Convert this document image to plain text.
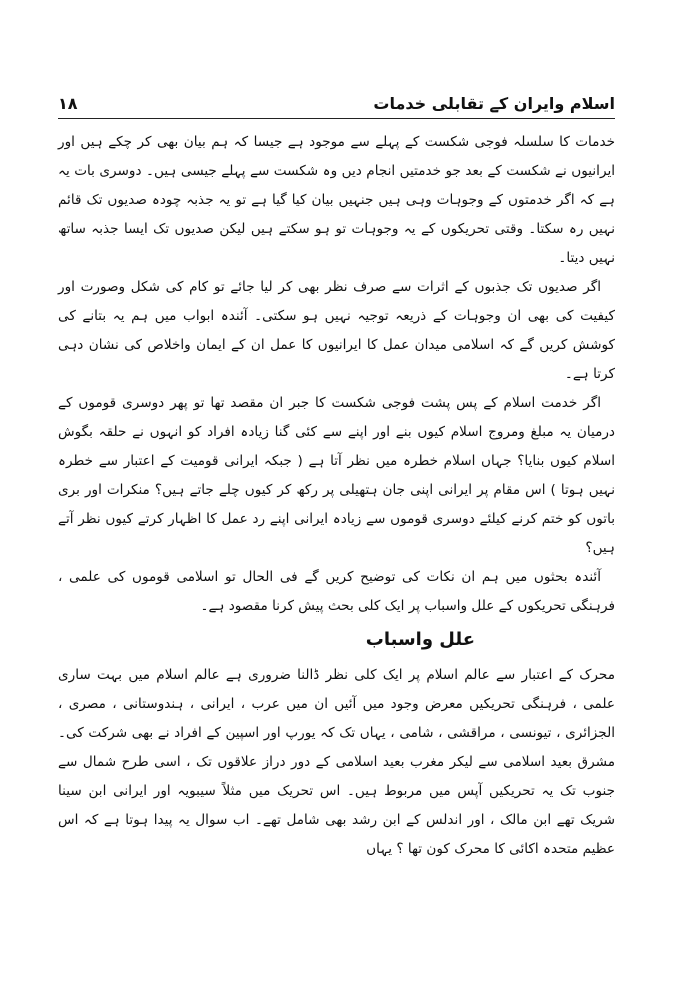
اسلام وایران کے تقابلی خدمات
۱۸

خدمات کا سلسلہ فوجی شکست کے پہلے سے موجود ہے جیسا کہ ہم بیان بھی کر چکے ہیں اور ایرانیوں نے شکست کے بعد جو خدمتیں انجام دیں وہ شکست سے پہلے جیسی ہیں۔ دوسری بات یہ ہے کہ اگر خدمتوں کے وجوہات وہی ہیں جنہیں بیان کیا گیا ہے تو یہ جذبہ چودہ صدیوں تک قائم نہیں رہ سکتا۔ وقتی تحریکوں کے یہ وجوہات تو ہو سکتے ہیں لیکن صدیوں تک ایسا جذبہ ساتھ نہیں دیتا۔

اگر صدیوں تک جذبوں کے اثرات سے صرف نظر بھی کر لیا جائے تو کام کی شکل وصورت اور کیفیت کی بھی ان وجوہات کے ذریعہ توجیہ نہیں ہو سکتی۔ آئندہ ابواب میں ہم یہ بتانے کی کوشش کریں گے کہ اسلامی میدان عمل کا ایرانیوں کا عمل ان کے ایمان واخلاص کی نشان دہی کرتا ہے۔

اگر خدمت اسلام کے پس پشت فوجی شکست کا جبر ان مقصد تھا تو پھر دوسری قوموں کے درمیان یہ مبلغ ومروج اسلام کیوں بنے اور اپنے سے کئی گنا زیادہ افراد کو انہوں نے حلقہ بگوش اسلام کیوں بنایا؟ جہاں اسلام خطرہ میں نظر آتا ہے ( جبکہ ایرانی قومیت کے اعتبار سے خطرہ نہیں ہوتا ) اس مقام پر ایرانی اپنی جان ہتھیلی پر رکھ کر کیوں چلے جاتے ہیں؟ منکرات اور بری باتوں کو ختم کرنے کیلئے دوسری قوموں سے زیادہ ایرانی اپنے رد عمل کا اظہار کرتے کیوں نظر آتے ہیں؟

آئندہ بحثوں میں ہم ان نکات کی توضیح کریں گے فی الحال تو اسلامی قوموں کی علمی ، فرہنگی تحریکوں کے علل واسباب پر ایک کلی بحث پیش کرنا مقصود ہے۔

علل واسباب

محرک کے اعتبار سے عالم اسلام پر ایک کلی نظر ڈالنا ضروری ہے عالم اسلام میں بہت ساری علمی ، فرہنگی تحریکیں معرض وجود میں آئیں ان میں عرب ، ایرانی ، ہندوستانی ، مصری ، الجزائری ، تیونسی ، مراقشی ، شامی ، یہاں تک کہ یورپ اور اسپین کے افراد نے بھی شرکت کی۔ مشرق بعید اسلامی سے لیکر مغرب بعید اسلامی کے دور دراز علاقوں تک ، اسی طرح شمال سے جنوب تک یہ تحریکیں آپس میں مربوط ہیں۔ اس تحریک میں مثلاً سیبویہ اور ایرانی ابن سینا شریک تھے ابن مالک ، اور اندلس کے ابن رشد بھی شامل تھے۔ اب سوال یہ پیدا ہوتا ہے کہ اس عظیم متحدہ اکائی کا محرک کون تھا ؟ یہاں
